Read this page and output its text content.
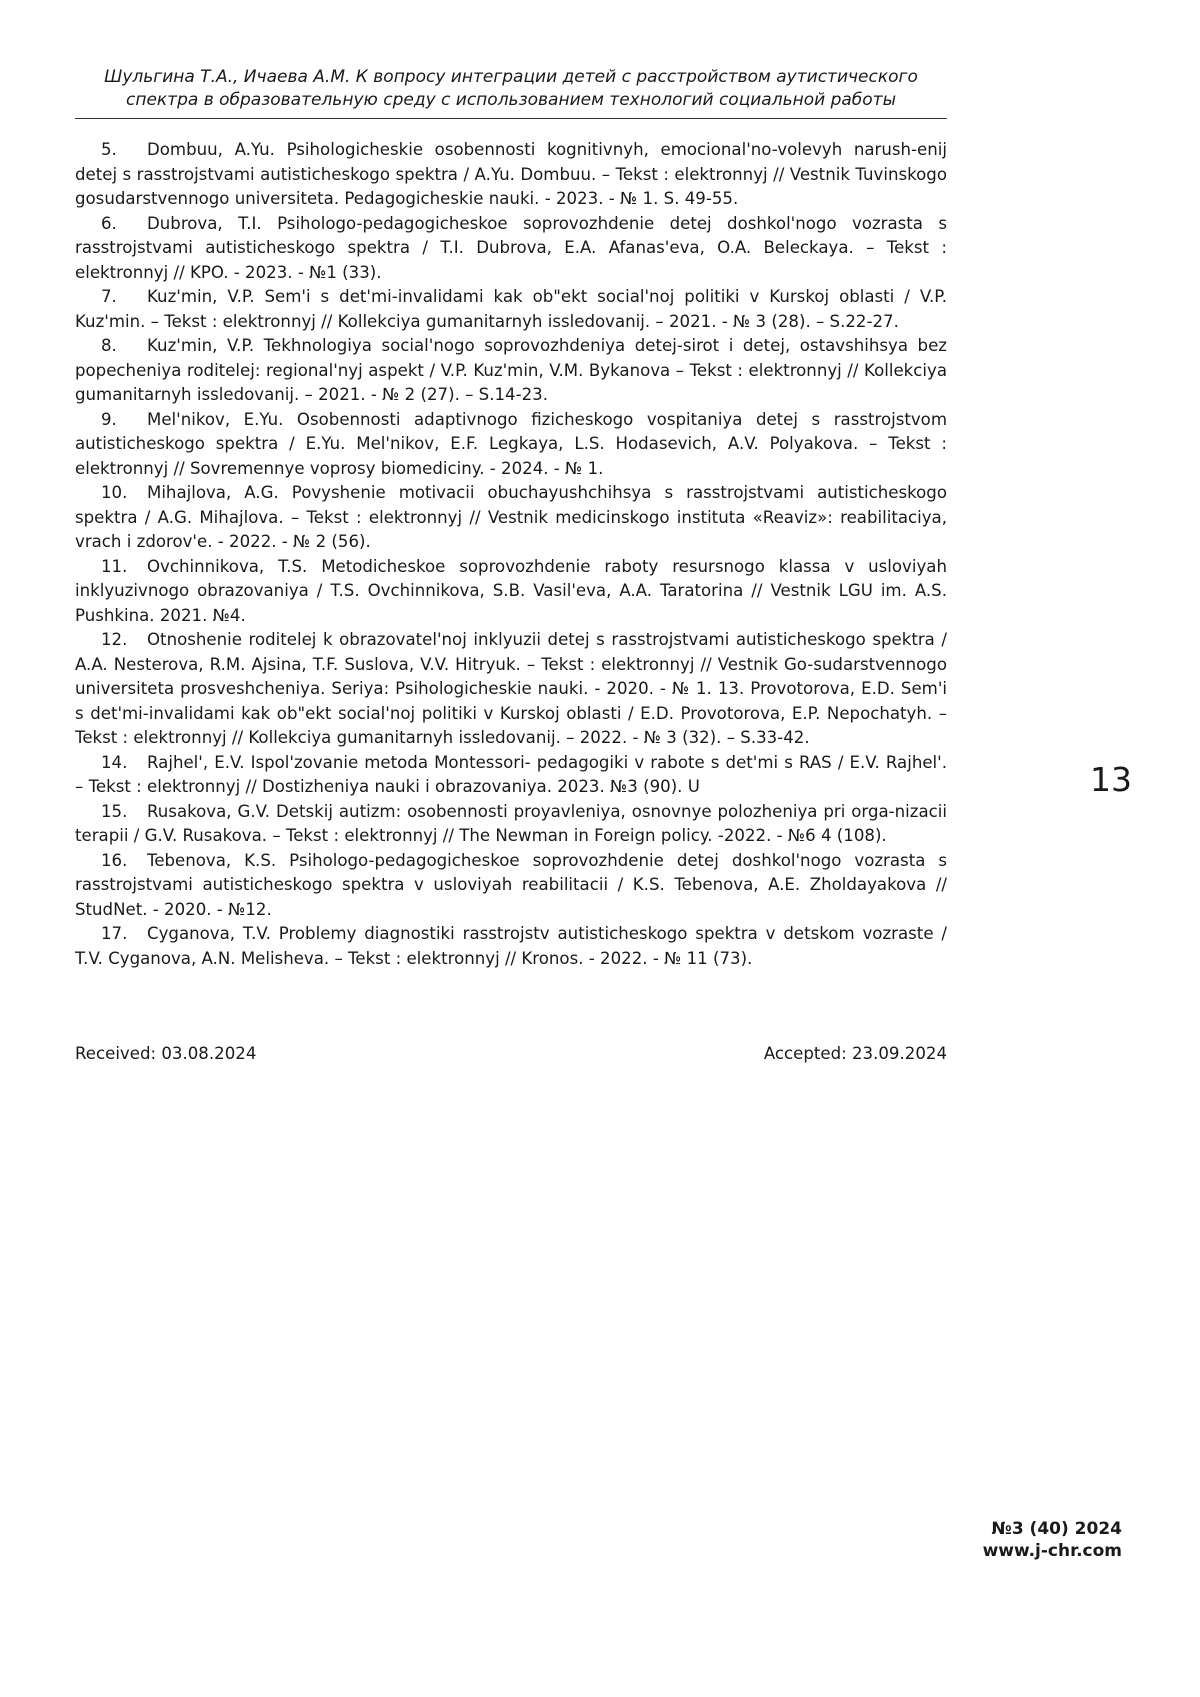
Шульгина Т.А., Ичаева А.М. К вопросу интеграции детей с расстройством аутистического
спектра в образовательную среду с использованием технологий социальной работы

5. Dombuu, A.Yu. Psihologicheskie osobennosti kognitivnyh, emocional'no-volevyh narush-enij detej s rasstrojstvami autisticheskogo spektra / A.Yu. Dombuu. – Tekst : elektronnyj // Vestnik Tuvinskogo gosudarstvennogo universiteta. Pedagogicheskie nauki. - 2023. - № 1. S. 49-55.

6. Dubrova, T.I. Psihologo-pedagogicheskoe soprovozhdenie detej doshkol'nogo vozrasta s rasstrojstvami autisticheskogo spektra / T.I. Dubrova, E.A. Afanas'eva, O.A. Beleckaya. – Tekst : elektronnyj // KPO. - 2023. - №1 (33).

7. Kuz'min, V.P. Sem'i s det'mi-invalidami kak ob"ekt social'noj politiki v Kurskoj oblasti / V.P. Kuz'min. – Tekst : elektronnyj // Kollekciya gumanitarnyh issledovanij. – 2021. - № 3 (28). – S.22-27.

8. Kuz'min, V.P. Tekhnologiya social'nogo soprovozhdeniya detej-sirot i detej, ostavshihsya bez popecheniya roditelej: regional'nyj aspekt / V.P. Kuz'min, V.M. Bykanova – Tekst : elektronnyj // Kollekciya gumanitarnyh issledovanij. – 2021. - № 2 (27). – S.14-23.

9. Mel'nikov, E.Yu. Osobennosti adaptivnogo fizicheskogo vospitaniya detej s rasstrojstvom autisticheskogo spektra / E.Yu. Mel'nikov, E.F. Legkaya, L.S. Hodasevich, A.V. Polyakova. – Tekst : elektronnyj // Sovremennye voprosy biomediciny. - 2024. - № 1.

10. Mihajlova, A.G. Povyshenie motivacii obuchayushchihsya s rasstrojstvami autisticheskogo spektra / A.G. Mihajlova. – Tekst : elektronnyj // Vestnik medicinskogo instituta «Reaviz»: reabilitaciya, vrach i zdorov'e. - 2022. - № 2 (56).

11. Ovchinnikova, T.S. Metodicheskoe soprovozhdenie raboty resursnogo klassa v usloviyah inklyuzivnogo obrazovaniya / T.S. Ovchinnikova, S.B. Vasil'eva, A.A. Taratorina // Vestnik LGU im. A.S. Pushkina. 2021. №4.

12. Otnoshenie roditelej k obrazovatel'noj inklyuzii detej s rasstrojstvami autisticheskogo spektra / A.A. Nesterova, R.M. Ajsina, T.F. Suslova, V.V. Hitryuk. – Tekst : elektronnyj // Vestnik Go-sudarstvennogo universiteta prosveshcheniya. Seriya: Psihologicheskie nauki. - 2020. - № 1. 13. Provotorova, E.D. Sem'i s det'mi-invalidami kak ob"ekt social'noj politiki v Kurskoj oblasti / E.D. Provotorova, E.P. Nepochatyh. – Tekst : elektronnyj // Kollekciya gumanitarnyh issledovanij. – 2022. - № 3 (32). – S.33-42.

14. Rajhel', E.V. Ispol'zovanie metoda Montessori- pedagogiki v rabote s det'mi s RAS / E.V. Rajhel'. – Tekst : elektronnyj // Dostizheniya nauki i obrazovaniya. 2023. №3 (90). U

15. Rusakova, G.V. Detskij autizm: osobennosti proyavleniya, osnovnye polozheniya pri orga-nizacii terapii / G.V. Rusakova. – Tekst : elektronnyj // The Newman in Foreign policy. -2022. - №6 4 (108).

16. Tebenova, K.S. Psihologo-pedagogicheskoe soprovozhdenie detej doshkol'nogo vozrasta s rasstrojstvami autisticheskogo spektra v usloviyah reabilitacii / K.S. Tebenova, A.E. Zholdayakova // StudNet. - 2020. - №12.

17. Cyganova, T.V. Problemy diagnostiki rasstrojstv autisticheskogo spektra v detskom vozraste / T.V. Cyganova, A.N. Melisheva. – Tekst : elektronnyj // Kronos. - 2022. - № 11 (73).

Received: 03.08.2024	Accepted: 23.09.2024
13
№3 (40) 2024
www.j-chr.com
